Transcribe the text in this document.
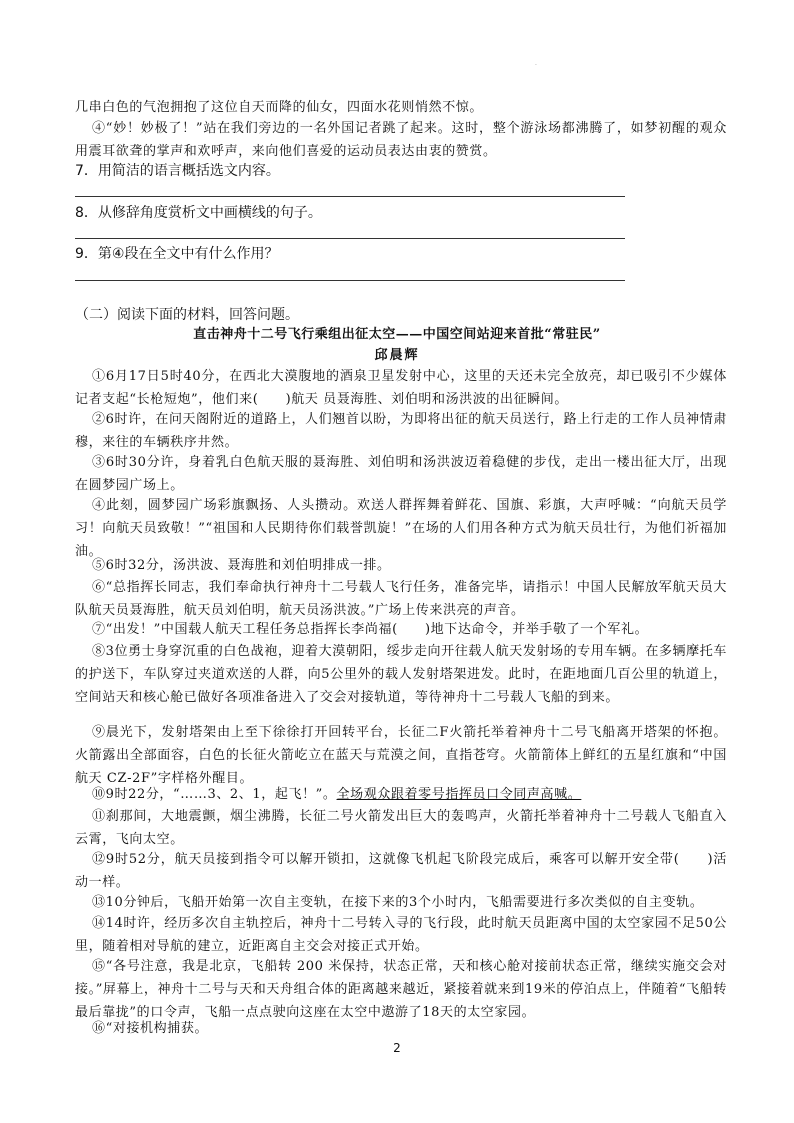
.
几串白色的气泡拥抱了这位自天而降的仙女，四面水花则悄然不惊。
④“妙！妙极了！”站在我们旁边的一名外国记者跳了起来。这时，整个游泳场都沸腾了，如梦初醒的观众用震耳欲聋的掌声和欢呼声，来向他们喜爱的运动员表达由衷的赞赏。
7．用简洁的语言概括选文内容。
8．从修辞角度赏析文中画横线的句子。
9．第④段在全文中有什么作用？
（二）阅读下面的材料，回答问题。
直击神舟十二号飞行乘组出征太空——中国空间站迎来首批“常驻民”
邱晨辉
①6月17日5时40分，在西北大漠腹地的酒泉卫星发射中心，这里的天还未完全放亮，却已吸引不少媒体记者支起“长枪短炮”，他们来(　　)航天 员聂海胜、刘伯明和汤洪波的出征瞬间。
②6时许，在问天阁附近的道路上，人们翘首以盼，为即将出征的航天员送行，路上行走的工作人员神情肃穆，来往的车辆秩序井然。
③6时30分许，身着乳白色航天服的聂海胜、刘伯明和汤洪波迈着稳健的步伐，走出一楼出征大厅，出现在圆梦园广场上。
④此刻，圆梦园广场彩旗飘扬、人头攒动。欢送人群挥舞着鲜花、国旗、彩旗，大声呼喊：“向航天员学习！向航天员致敬！”“祖国和人民期待你们载誉凯旋！”在场的人们用各种方式为航天员壮行，为他们祈福加油。
⑤6时32分，汤洪波、聂海胜和刘伯明排成一排。
⑥“总指挥长同志，我们奉命执行神舟十二号载人飞行任务，准备完毕，请指示！中国人民解放军航天员大队航天员聂海胜，航天员刘伯明，航天员汤洪波。”广场上传来洪亮的声音。
⑦“出发！”中国载人航天工程任务总指挥长李尚福(　　)地下达命令，并举手敬了一个军礼。
⑧3位勇士身穿沉重的白色战袍，迎着大漠朝阳，绥步走向开往载人航天发射场的专用车辆。在多辆摩托车的护送下，车队穿过夹道欢送的人群，向5公里外的载人发射塔架进发。此时，在距地面几百公里的轨道上，空间站天和核心舱已做好各项准备进入了交会对接轨道，等待神舟十二号载人飞船的到来。
⑨晨光下，发射塔架由上至下徐徐打开回转平台，长征二F火箭托举着神舟十二号飞船离开塔架的怀抱。火箭露出全部面容，白色的长征火箭屹立在蓝天与荒漠之间，直指苍穹。火箭箭体上鲜红的五星红旗和“中国航天 CZ-2F”字样格外醒目。
⑩9时22分，“……3、2、1，起飞！”。全场观众跟着零号指挥员口令同声高喊。
⑪刹那间，大地震颤，烟尘沸腾，长征二号火箭发出巨大的轰鸣声，火箭托举着神舟十二号载人飞船直入云霄，飞向太空。
⑫9时52分，航天员接到指令可以解开锁扣，这就像飞机起飞阶段完成后，乘客可以解开安全带(　　)活动一样。
⑬10分钟后，飞船开始第一次自主变轨，在接下来的3个小时内，飞船需要进行多次类似的自主变轨。
⑭14时许，经历多次自主轨控后，神舟十二号转入寻的飞行段，此时航天员距离中国的太空家园不足50公里，随着相对导航的建立，近距离自主交会对接正式开始。
⑮“各号注意，我是北京，飞船转 200 米保持，状态正常，天和核心舱对接前状态正常，继续实施交会对接。”屏幕上，神舟十二号与天和天舟组合体的距离越来越近，紧接着就来到19米的停泊点上，伴随着“飞船转最后靠拢”的口令声，飞船一点点驶向这座在太空中遨游了18天的太空家园。
⑯“对接机构捕获。
2
